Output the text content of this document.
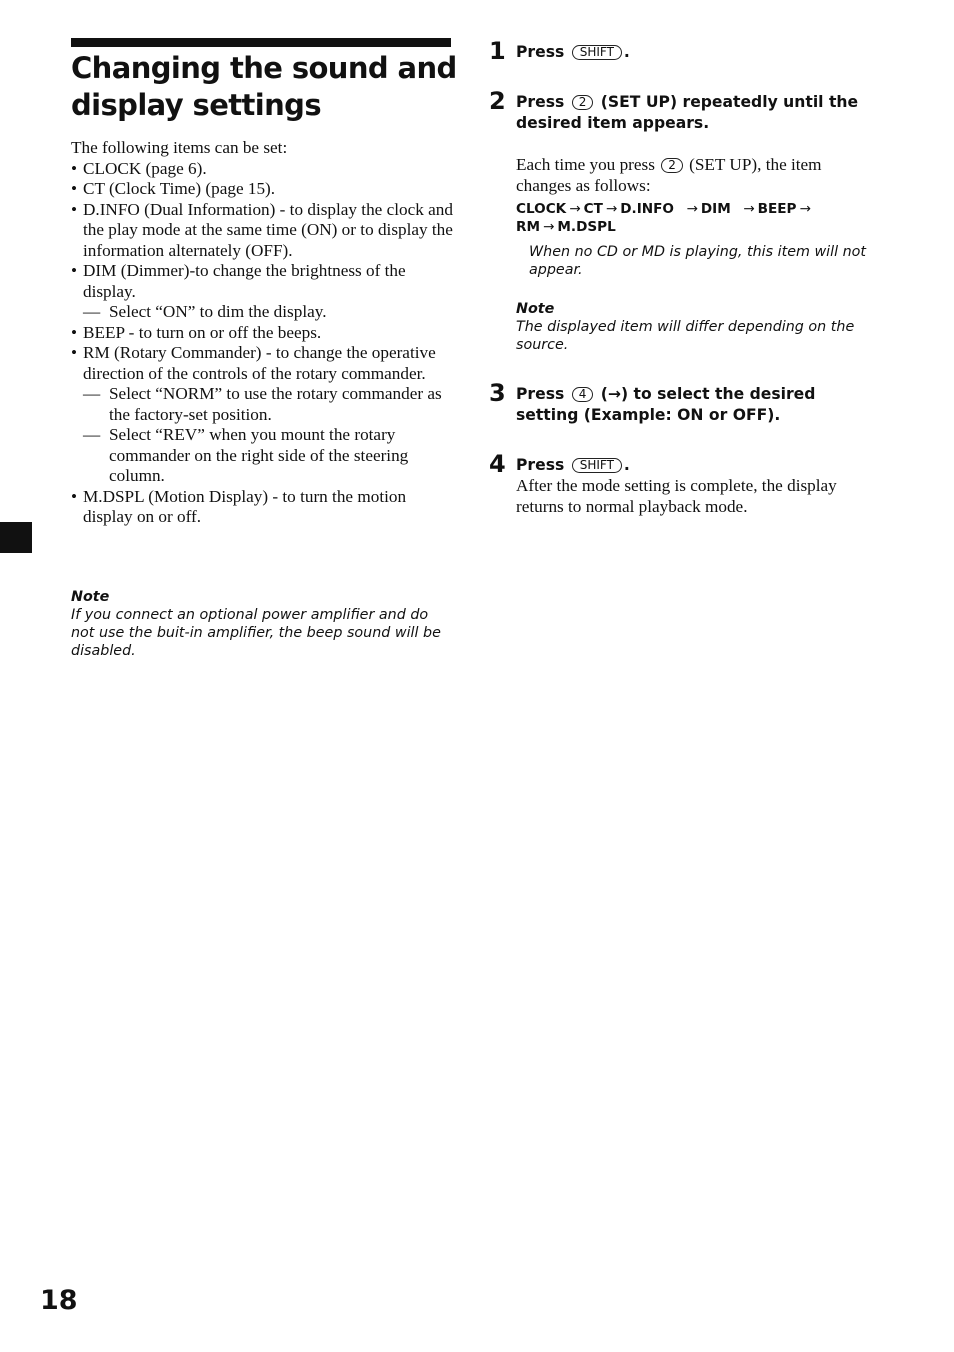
Changing the sound and display settings

The following items can be set:

• CLOCK (page 6).
• CT (Clock Time) (page 15).
• D.INFO (Dual Information) - to display the clock and the play mode at the same time (ON) or to display the information alternately (OFF).
• DIM (Dimmer)-to change the brightness of the display.
— Select “ON” to dim the display.
• BEEP - to turn on or off the beeps.
• RM (Rotary Commander) - to change the operative direction of the controls of the rotary commander.
— Select “NORM” to use the rotary commander as the factory-set position.
— Select “REV” when you mount the rotary commander on the right side of the steering column.
• M.DSPL (Motion Display) - to turn the motion display on or off.
Note
If you connect an optional power amplifier and do not use the buit-in amplifier, the beep sound will be disabled.
1 Press SHIFT .

2 Press 2 (SET UP) repeatedly until the desired item appears.

Each time you press 2 (SET UP), the item changes as follows:

CLOCK → CT → D.INFO → DIM → BEEP →
RM → M.DSPL
When no CD or MD is playing, this item will not appear.
Note
The displayed item will differ depending on the source.
3 Press 4 (→) to select the desired setting (Example: ON or OFF).

4 Press SHIFT .

After the mode setting is complete, the display returns to normal playback mode.

18
